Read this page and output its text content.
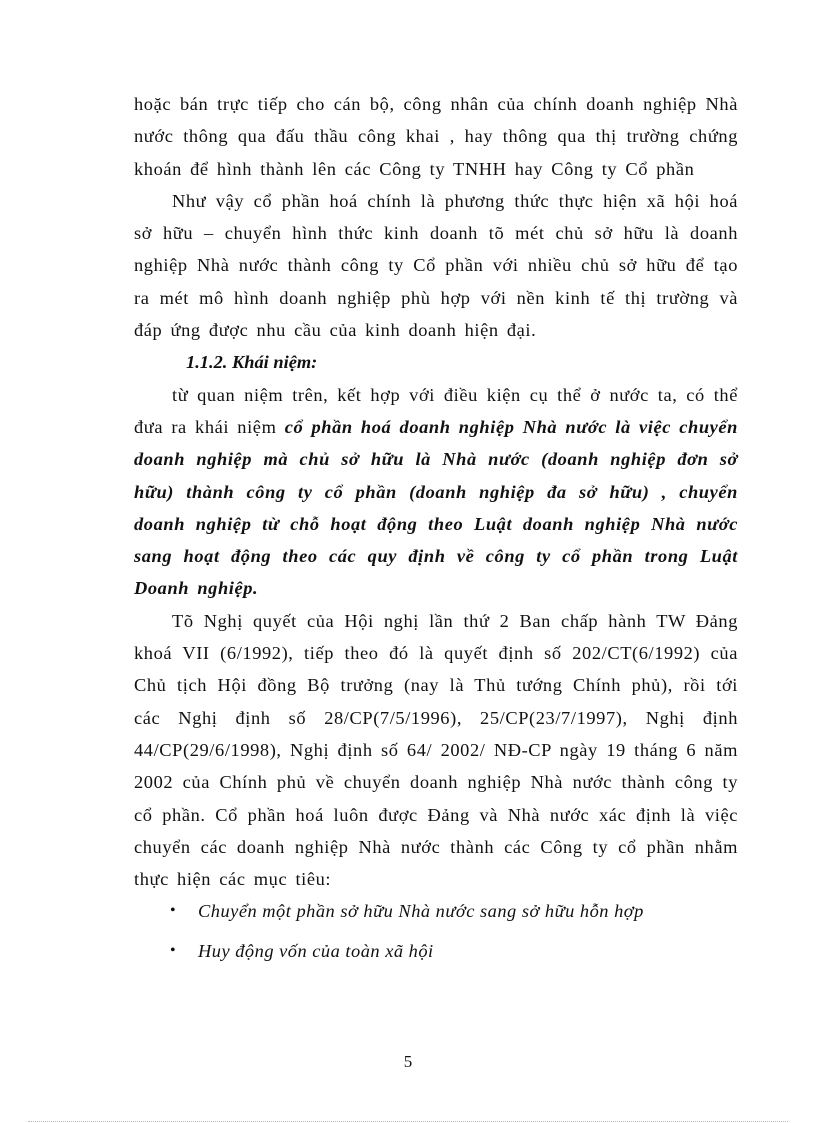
hoặc bán trực tiếp cho cán bộ, công nhân của chính doanh nghiệp Nhà nước thông qua đấu thầu công khai , hay thông qua thị trường chứng khoán để hình thành lên các Công ty TNHH hay Công ty Cổ phần

Như vậy cổ phần hoá chính là phương thức thực hiện xã hội hoá sở hữu – chuyển hình thức kinh doanh tõ mét chủ sở hữu là doanh nghiệp Nhà nước thành công ty Cổ phần với nhiều chủ sở hữu để tạo ra mét mô hình doanh nghiệp phù hợp với nền kinh tế thị trường và đáp ứng được nhu cầu của kinh doanh hiện đại.

1.1.2. Khái niệm:

từ quan niệm trên, kết hợp với điều kiện cụ thể ở nước ta, có thể đưa ra khái niệm cổ phần hoá doanh nghiệp Nhà nước là việc chuyển doanh nghiệp mà chủ sở hữu là Nhà nước (doanh nghiệp đơn sở hữu) thành công ty cổ phần (doanh nghiệp đa sở hữu) , chuyển doanh nghiệp từ chỗ hoạt động theo Luật doanh nghiệp Nhà nước sang hoạt động theo các quy định về công ty cổ phần trong Luật Doanh nghiệp.

Tõ Nghị quyết của Hội nghị lần thứ 2 Ban chấp hành TW Đảng khoá VII (6/1992), tiếp theo đó là quyết định số 202/CT(6/1992) của Chủ tịch Hội đồng Bộ trưởng (nay là Thủ tướng Chính phủ), rồi tới các Nghị định số 28/CP(7/5/1996), 25/CP(23/7/1997), Nghị định 44/CP(29/6/1998), Nghị định số 64/ 2002/ NĐ-CP ngày 19 tháng 6 năm 2002 của Chính phủ về chuyển doanh nghiệp Nhà nước thành công ty cổ phần. Cổ phần hoá luôn được Đảng và Nhà nước xác định là việc chuyển các doanh nghiệp Nhà nước thành các Công ty cổ phần nhằm thực hiện các mục tiêu:

• Chuyển một phần sở hữu Nhà nước sang sở hữu hỗn hợp
• Huy động vốn của toàn xã hội
5
